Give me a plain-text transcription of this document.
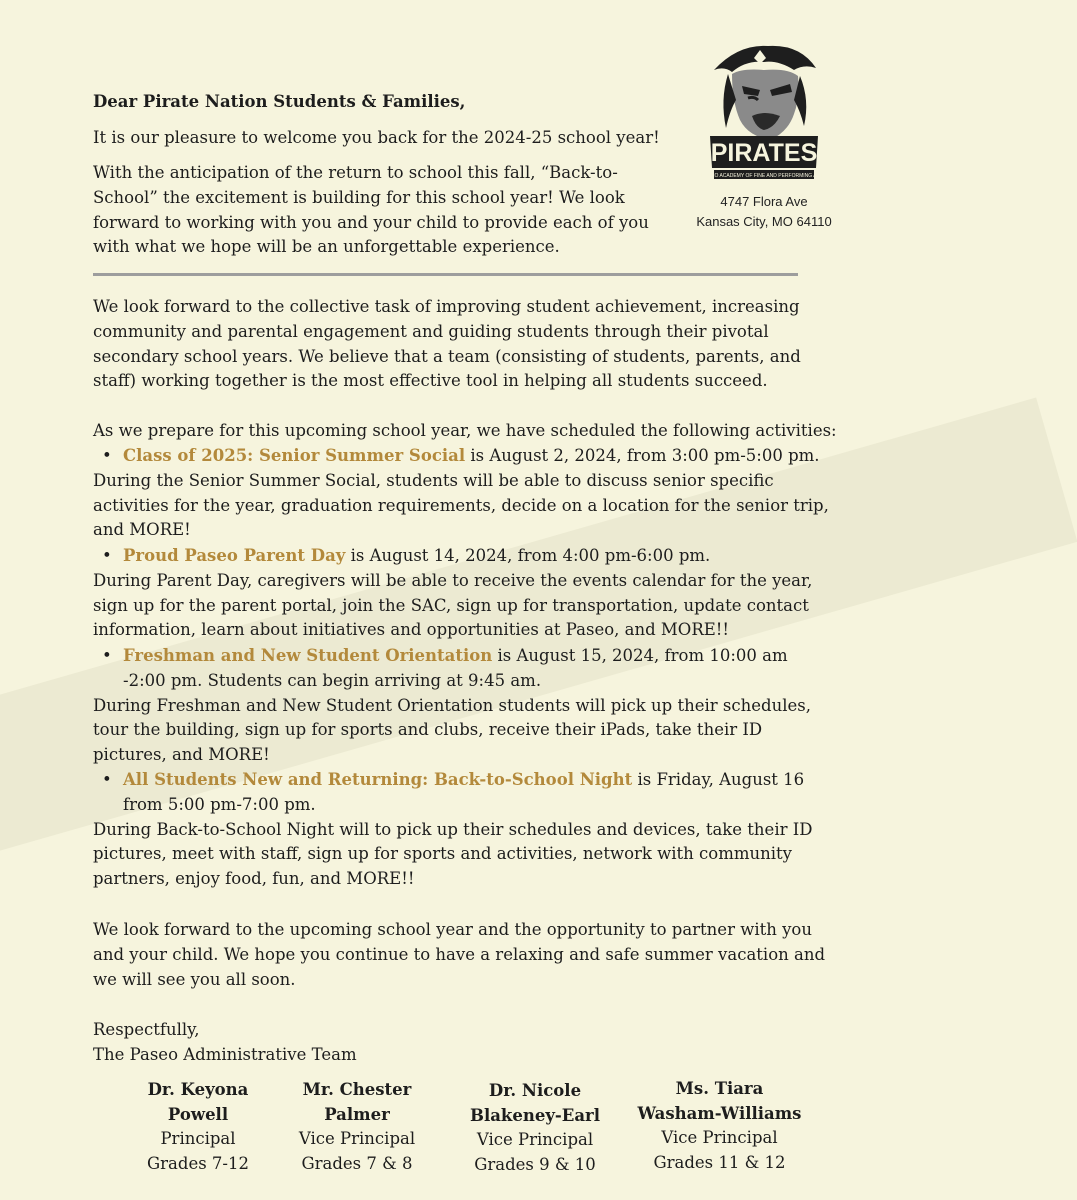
PIRATES
PASEO ACADEMY OF FINE AND PERFORMING ARTS
4747 Flora Ave
Kansas City, MO 64110
Dear Pirate Nation Students & Families,

It is our pleasure to welcome you back for the 2024-25 school year!

With the anticipation of the return to school this fall, “Back-to-School” the excitement is building for this school year! We look forward to working with you and your child to provide each of you with what we hope will be an unforgettable experience.

We look forward to the collective task of improving student achievement, increasing community and parental engagement and guiding students through their pivotal secondary school years. We believe that a team (consisting of students, parents, and staff) working together is the most effective tool in helping all students succeed.

As we prepare for this upcoming school year, we have scheduled the following activities:

• Class of 2025: Senior Summer Social is August 2, 2024, from 3:00 pm-5:00 pm.
During the Senior Summer Social, students will be able to discuss senior specific activities for the year, graduation requirements, decide on a location for the senior trip, and MORE!
• Proud Paseo Parent Day is August 14, 2024, from 4:00 pm-6:00 pm.
During Parent Day, caregivers will be able to receive the events calendar for the year, sign up for the parent portal, join the SAC, sign up for transportation, update contact information, learn about initiatives and opportunities at Paseo, and MORE!!
• Freshman and New Student Orientation is August 15, 2024, from 10:00 am -2:00 pm. Students can begin arriving at 9:45 am.
During Freshman and New Student Orientation students will pick up their schedules, tour the building, sign up for sports and clubs, receive their iPads, take their ID pictures, and MORE!
• All Students New and Returning: Back-to-School Night is Friday, August 16 from 5:00 pm-7:00 pm.
During Back-to-School Night will to pick up their schedules and devices, take their ID pictures, meet with staff, sign up for sports and activities, network with community partners, enjoy food, fun, and MORE!!

We look forward to the upcoming school year and the opportunity to partner with you and your child. We hope you continue to have a relaxing and safe summer vacation and we will see you all soon.

Respectfully,
The Paseo Administrative Team
Dr. Keyona
Powell
Principal
Grades 7-12
Mr. Chester
Palmer
Vice Principal
Grades 7 & 8
Dr. Nicole
Blakeney-Earl
Vice Principal
Grades 9 & 10
Ms. Tiara
Washam-Williams
Vice Principal
Grades 11 & 12
